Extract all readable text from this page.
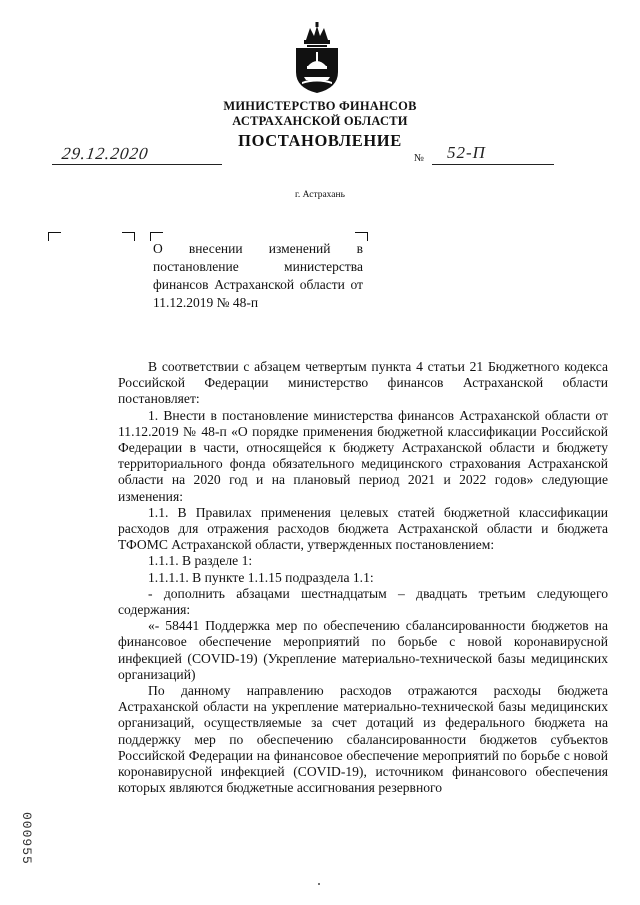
МИНИСТЕРСТВО ФИНАНСОВ
АСТРАХАНСКОЙ ОБЛАСТИ
ПОСТАНОВЛЕНИЕ
29.12.2020	№ 52-П
г. Астрахань
О внесении изменений в постановление министерства финансов Астраханской области от 11.12.2019 № 48-п

В соответствии с абзацем четвертым пункта 4 статьи 21 Бюджетного кодекса Российской Федерации министерство финансов Астраханской области постановляет:

1. Внести в постановление министерства финансов Астраханской области от 11.12.2019 № 48-п «О порядке применения бюджетной классификации Российской Федерации в части, относящейся к бюджету Астраханской области и бюджету территориального фонда обязательного медицинского страхования Астраханской области на 2020 год и на плановый период 2021 и 2022 годов» следующие изменения:

1.1. В Правилах применения целевых статей бюджетной классификации расходов для отражения расходов бюджета Астраханской области и бюджета ТФОМС Астраханской области, утвержденных постановлением:

1.1.1. В разделе 1:

1.1.1.1. В пункте 1.1.15 подраздела 1.1:

- дополнить абзацами шестнадцатым – двадцать третьим следующего содержания:

«- 58441 Поддержка мер по обеспечению сбалансированности бюджетов на финансовое обеспечение мероприятий по борьбе с новой коронавирусной инфекцией (COVID-19) (Укрепление материально-технической базы медицинских организаций)

По данному направлению расходов отражаются расходы бюджета Астраханской области на укрепление материально-технической базы медицинских организаций, осуществляемые за счет дотаций из федерального бюджета на поддержку мер по обеспечению сбалансированности бюджетов субъектов Российской Федерации на финансовое обеспечение мероприятий по борьбе с новой коронавирусной инфекцией (COVID-19), источником финансового обеспечения которых являются бюджетные ассигнования резервного

000955
